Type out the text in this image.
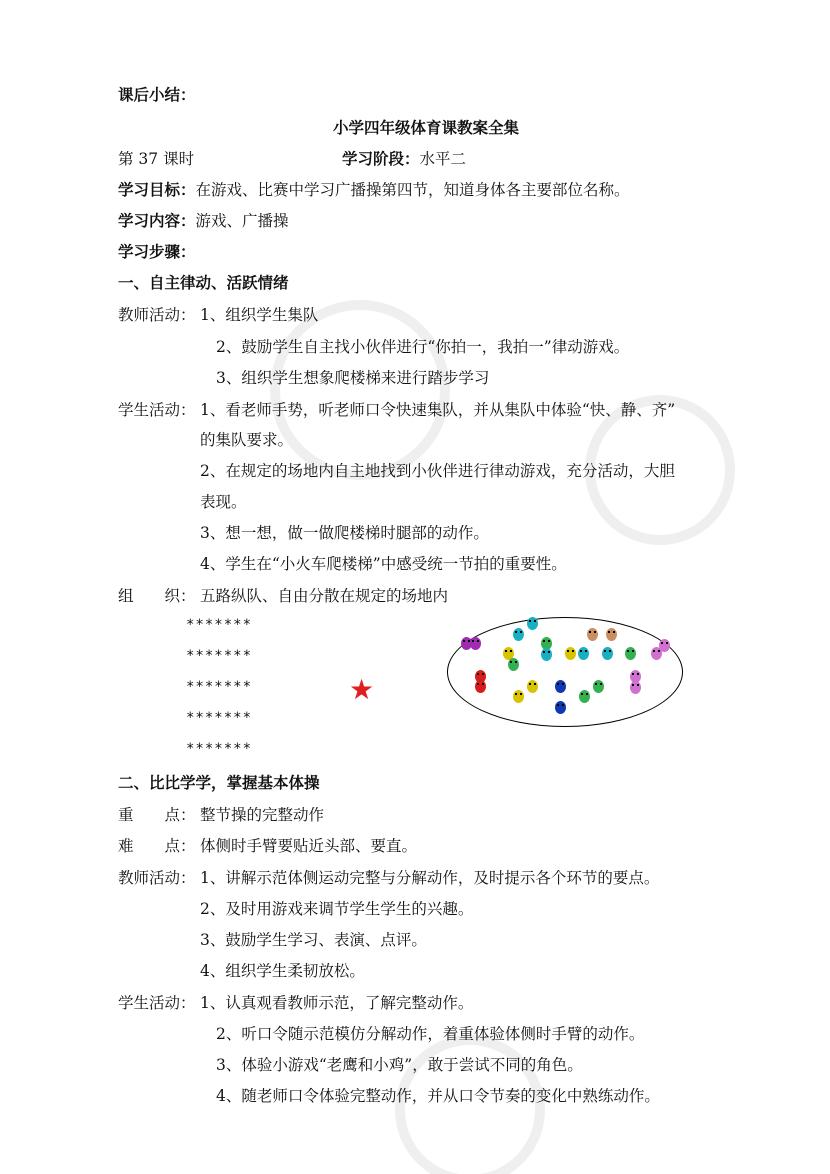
课后小结：
小学四年级体育课教案全集
第 37 课时	学习阶段：水平二
学习目标：在游戏、比赛中学习广播操第四节，知道身体各主要部位名称。
学习内容：游戏、广播操
学习步骤：
一、自主律动、活跃情绪
教师活动： 1、组织学生集队
2、鼓励学生自主找小伙伴进行“你拍一，我拍一”律动游戏。
3、组织学生想象爬楼梯来进行踏步学习
学生活动： 1、看老师手势，听老师口令快速集队，并从集队中体验“快、静、齐”
的集队要求。
2、在规定的场地内自主地找到小伙伴进行律动游戏，充分活动，大胆
表现。
3、想一想，做一做爬楼梯时腿部的动作。
4、学生在“小火车爬楼梯”中感受统一节拍的重要性。
组　　织： 五路纵队、自由分散在规定的场地内
*******
*******
*******
*******
*******
★
二、比比学学，掌握基本体操
重　　点： 整节操的完整动作
难　　点： 体侧时手臂要贴近头部、要直。
教师活动： 1、讲解示范体侧运动完整与分解动作，及时提示各个环节的要点。
2、及时用游戏来调节学生学生的兴趣。
3、鼓励学生学习、表演、点评。
4、组织学生柔韧放松。
学生活动： 1、认真观看教师示范，了解完整动作。
2、听口令随示范模仿分解动作，着重体验体侧时手臂的动作。
3、体验小游戏“老鹰和小鸡”，敢于尝试不同的角色。
4、随老师口令体验完整动作，并从口令节奏的变化中熟练动作。
